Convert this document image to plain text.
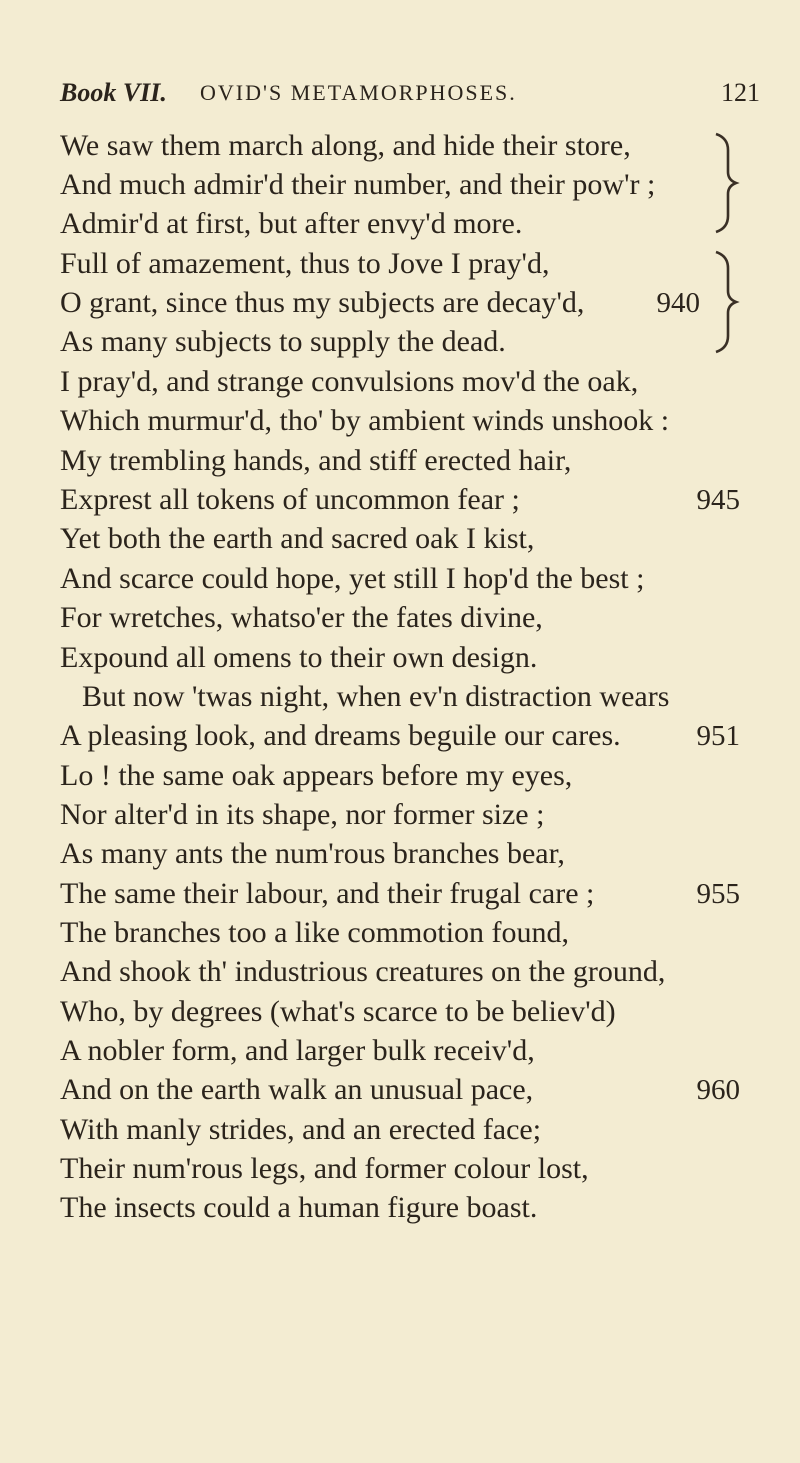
Book VII. OVID'S METAMORPHOSES.	121
We saw them march along, and hide their store,
And much admir'd their number, and their pow'r ;
Admir'd at first, but after envy'd more.
Full of amazement, thus to Jove I pray'd,
O grant, since thus my subjects are decay'd,	940
As many subjects to supply the dead.
I pray'd, and strange convulsions mov'd the oak,
Which murmur'd, tho' by ambient winds unshook :
My trembling hands, and stiff erected hair,
Exprest all tokens of uncommon fear ;	945
Yet both the earth and sacred oak I kist,
And scarce could hope, yet still I hop'd the best ;
For wretches, whatso'er the fates divine,
Expound all omens to their own design.
But now 'twas night, when ev'n distraction wears
A pleasing look, and dreams beguile our cares.	951
Lo ! the same oak appears before my eyes,
Nor alter'd in its shape, nor former size ;
As many ants the num'rous branches bear,
The same their labour, and their frugal care ;	955
The branches too a like commotion found,
And shook th' industrious creatures on the ground,
Who, by degrees (what's scarce to be believ'd)
A nobler form, and larger bulk receiv'd,
And on the earth walk an unusual pace,	960
With manly strides, and an erected face;
Their num'rous legs, and former colour lost,
The insects could a human figure boast.
